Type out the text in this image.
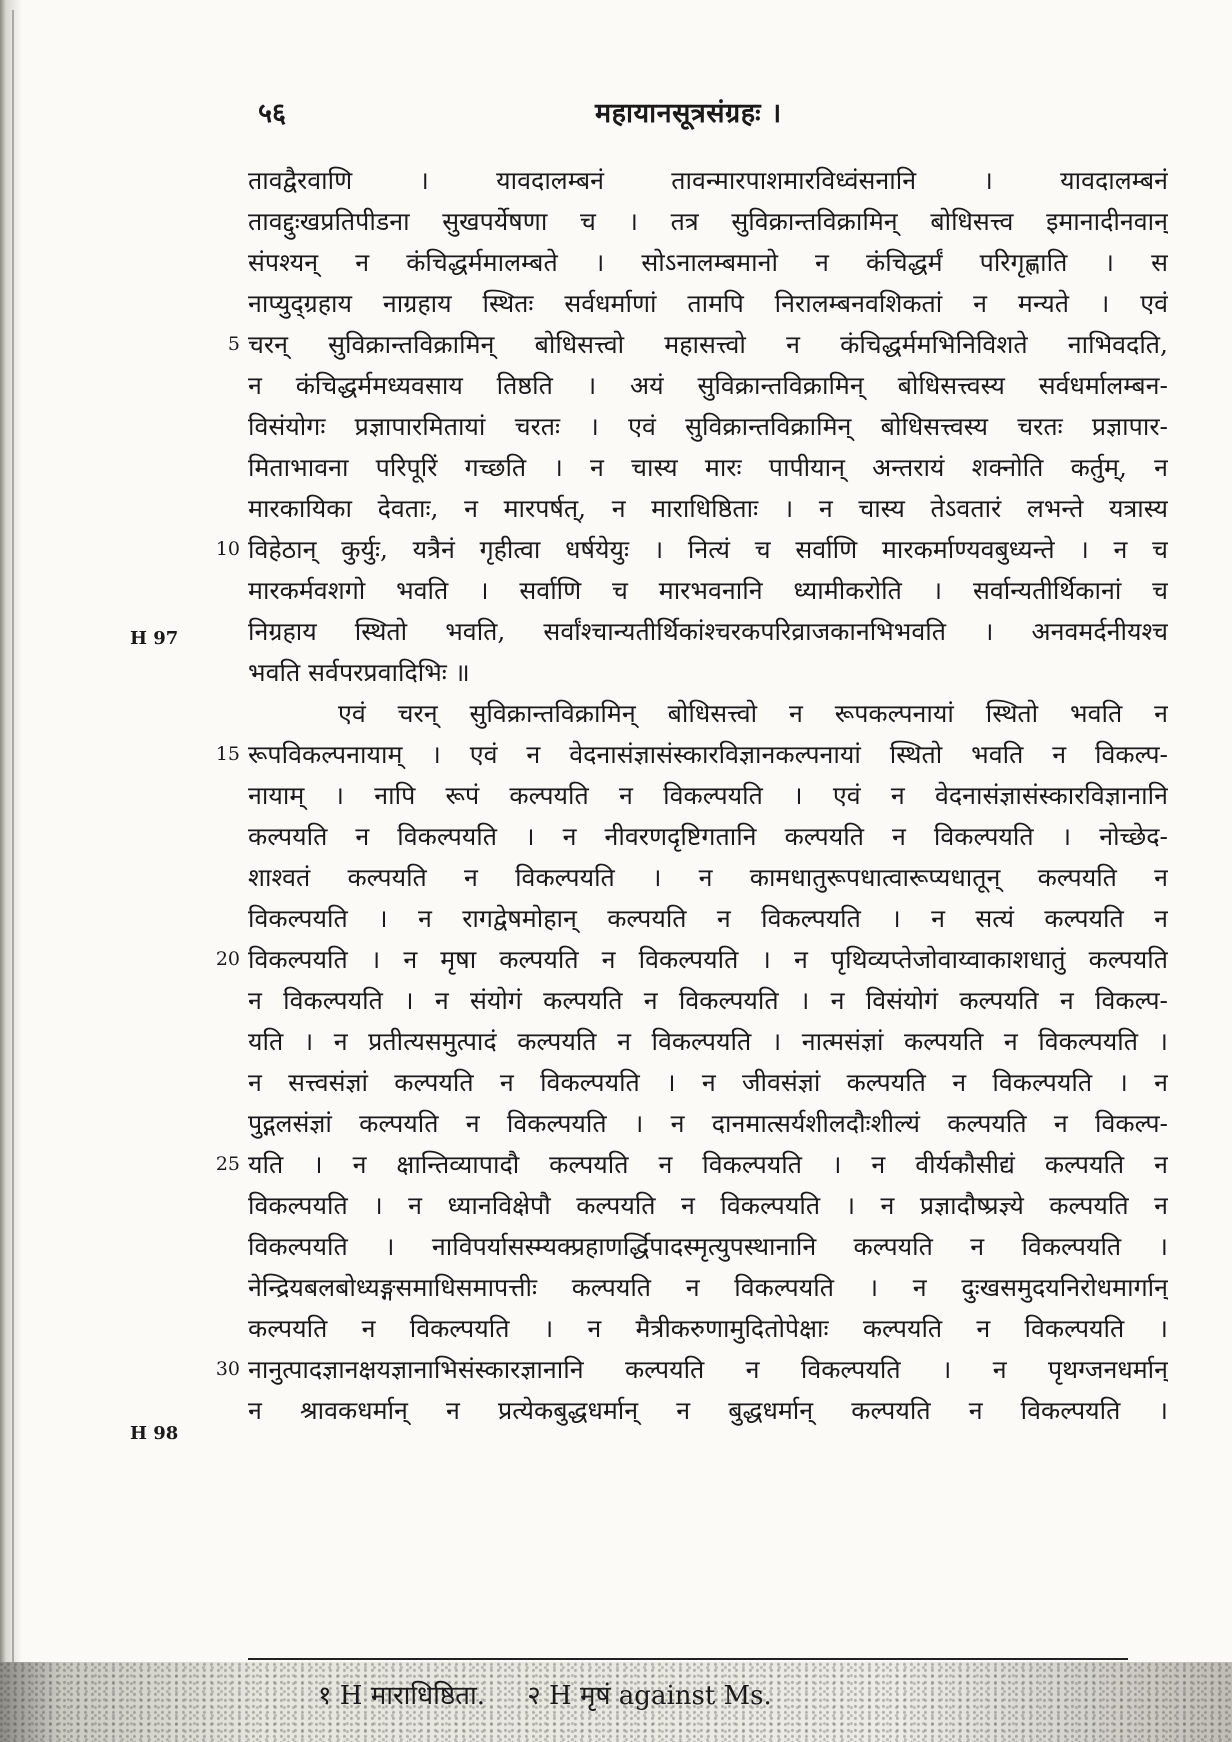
५६	महायानसूत्रसंग्रहः ।
H 97
H 98
तावद्वैरवाणि । यावदालम्बनं तावन्मारपाशमारविध्वंसनानि । यावदालम्बनं
तावद्दुःखप्रतिपीडना सुखपर्येषणा च । तत्र सुविक्रान्तविक्रामिन् बोधिसत्त्व इमानादीनवान्
संपश्यन् न कंचिद्धर्ममालम्बते । सोऽनालम्बमानो न कंचिद्धर्मं परिगृह्णाति । स
नाप्युद्ग्रहाय नाग्रहाय स्थितः सर्वधर्माणां तामपि निरालम्बनवशिकतां न मन्यते । एवं
चरन् सुविक्रान्तविक्रामिन् बोधिसत्त्वो महासत्त्वो न कंचिद्धर्ममभिनिविशते नाभिवदति,
5
न कंचिद्धर्ममध्यवसाय तिष्ठति । अयं सुविक्रान्तविक्रामिन् बोधिसत्त्वस्य सर्वधर्मालम्बन-
विसंयोगः प्रज्ञापारमितायां चरतः । एवं सुविक्रान्तविक्रामिन् बोधिसत्त्वस्य चरतः प्रज्ञापार-
मिताभावना परिपूरिं गच्छति । न चास्य मारः पापीयान् अन्तरायं शक्नोति कर्तुम्, न
मारकायिका देवताः, न मारपर्षत्, न माराधिष्ठिताः । न चास्य तेऽवतारं लभन्ते यत्रास्य
विहेठान् कुर्युः, यत्रैनं गृहीत्वा धर्षयेयुः । नित्यं च सर्वाणि मारकर्माण्यवबुध्यन्ते । न च
10
मारकर्मवशगो भवति । सर्वाणि च मारभवनानि ध्यामीकरोति । सर्वान्यतीर्थिकानां च
निग्रहाय स्थितो भवति, सर्वांश्चान्यतीर्थिकांश्चरकपरिव्राजकानभिभवति । अनवमर्दनीयश्च
भवति सर्वपरप्रवादिभिः ॥
एवं चरन् सुविक्रान्तविक्रामिन् बोधिसत्त्वो न रूपकल्पनायां स्थितो भवति न
रूपविकल्पनायाम् । एवं न वेदनासंज्ञासंस्कारविज्ञानकल्पनायां स्थितो भवति न विकल्प-
15
नायाम् । नापि रूपं कल्पयति न विकल्पयति । एवं न वेदनासंज्ञासंस्कारविज्ञानानि
कल्पयति न विकल्पयति । न नीवरणदृष्टिगतानि कल्पयति न विकल्पयति । नोच्छेद-
शाश्वतं कल्पयति न विकल्पयति । न कामधातुरूपधात्वारूप्यधातून् कल्पयति न
विकल्पयति । न रागद्वेषमोहान् कल्पयति न विकल्पयति । न सत्यं कल्पयति न
विकल्पयति । न मृषा कल्पयति न विकल्पयति । न पृथिव्यप्तेजोवाय्वाकाशधातुं कल्पयति
20
न विकल्पयति । न संयोगं कल्पयति न विकल्पयति । न विसंयोगं कल्पयति न विकल्प-
यति । न प्रतीत्यसमुत्पादं कल्पयति न विकल्पयति । नात्मसंज्ञां कल्पयति न विकल्पयति ।
न सत्त्वसंज्ञां कल्पयति न विकल्पयति । न जीवसंज्ञां कल्पयति न विकल्पयति । न
पुद्गलसंज्ञां कल्पयति न विकल्पयति । न दानमात्सर्यशीलदौःशील्यं कल्पयति न विकल्प-
यति । न क्षान्तिव्यापादौ कल्पयति न विकल्पयति । न वीर्यकौसीद्यं कल्पयति न
25
विकल्पयति । न ध्यानविक्षेपौ कल्पयति न विकल्पयति । न प्रज्ञादौष्प्रज्ञ्ये कल्पयति न
विकल्पयति । नाविपर्यासस्म्यक्प्रहाणर्द्धिपादस्मृत्युपस्थानानि कल्पयति न विकल्पयति ।
नेन्द्रियबलबोध्यङ्गसमाधिसमापत्तीः कल्पयति न विकल्पयति । न दुःखसमुदयनिरोधमार्गान्
कल्पयति न विकल्पयति । न मैत्रीकरुणामुदितोपेक्षाः कल्पयति न विकल्पयति ।
नानुत्पादज्ञानक्षयज्ञानाभिसंस्कारज्ञानानि कल्पयति न विकल्पयति । न पृथग्जनधर्मान्
30
न श्रावकधर्मान् न प्रत्येकबुद्धधर्मान् न बुद्धधर्मान् कल्पयति न विकल्पयति ।
१ H माराधिष्ठिता. २ H मृषं against Ms.
